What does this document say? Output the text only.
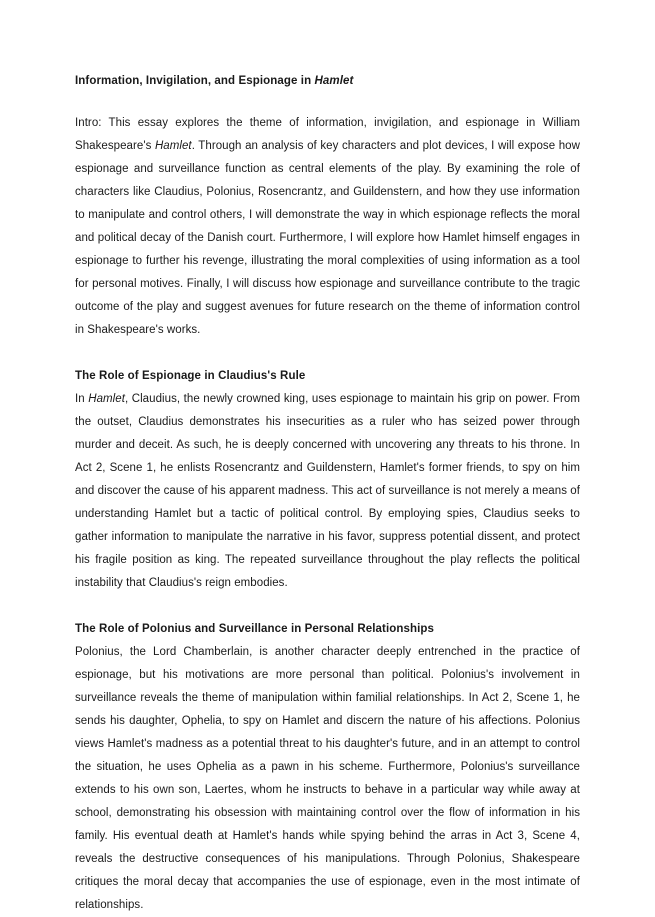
Information, Invigilation, and Espionage in Hamlet

Intro: This essay explores the theme of information, invigilation, and espionage in William Shakespeare's Hamlet. Through an analysis of key characters and plot devices, I will expose how espionage and surveillance function as central elements of the play. By examining the role of characters like Claudius, Polonius, Rosencrantz, and Guildenstern, and how they use information to manipulate and control others, I will demonstrate the way in which espionage reflects the moral and political decay of the Danish court. Furthermore, I will explore how Hamlet himself engages in espionage to further his revenge, illustrating the moral complexities of using information as a tool for personal motives. Finally, I will discuss how espionage and surveillance contribute to the tragic outcome of the play and suggest avenues for future research on the theme of information control in Shakespeare's works.

The Role of Espionage in Claudius's Rule

In Hamlet, Claudius, the newly crowned king, uses espionage to maintain his grip on power. From the outset, Claudius demonstrates his insecurities as a ruler who has seized power through murder and deceit. As such, he is deeply concerned with uncovering any threats to his throne. In Act 2, Scene 1, he enlists Rosencrantz and Guildenstern, Hamlet's former friends, to spy on him and discover the cause of his apparent madness. This act of surveillance is not merely a means of understanding Hamlet but a tactic of political control. By employing spies, Claudius seeks to gather information to manipulate the narrative in his favor, suppress potential dissent, and protect his fragile position as king. The repeated surveillance throughout the play reflects the political instability that Claudius's reign embodies.

The Role of Polonius and Surveillance in Personal Relationships

Polonius, the Lord Chamberlain, is another character deeply entrenched in the practice of espionage, but his motivations are more personal than political. Polonius's involvement in surveillance reveals the theme of manipulation within familial relationships. In Act 2, Scene 1, he sends his daughter, Ophelia, to spy on Hamlet and discern the nature of his affections. Polonius views Hamlet's madness as a potential threat to his daughter's future, and in an attempt to control the situation, he uses Ophelia as a pawn in his scheme. Furthermore, Polonius's surveillance extends to his own son, Laertes, whom he instructs to behave in a particular way while away at school, demonstrating his obsession with maintaining control over the flow of information in his family. His eventual death at Hamlet's hands while spying behind the arras in Act 3, Scene 4, reveals the destructive consequences of his manipulations. Through Polonius, Shakespeare critiques the moral decay that accompanies the use of espionage, even in the most intimate of relationships.
